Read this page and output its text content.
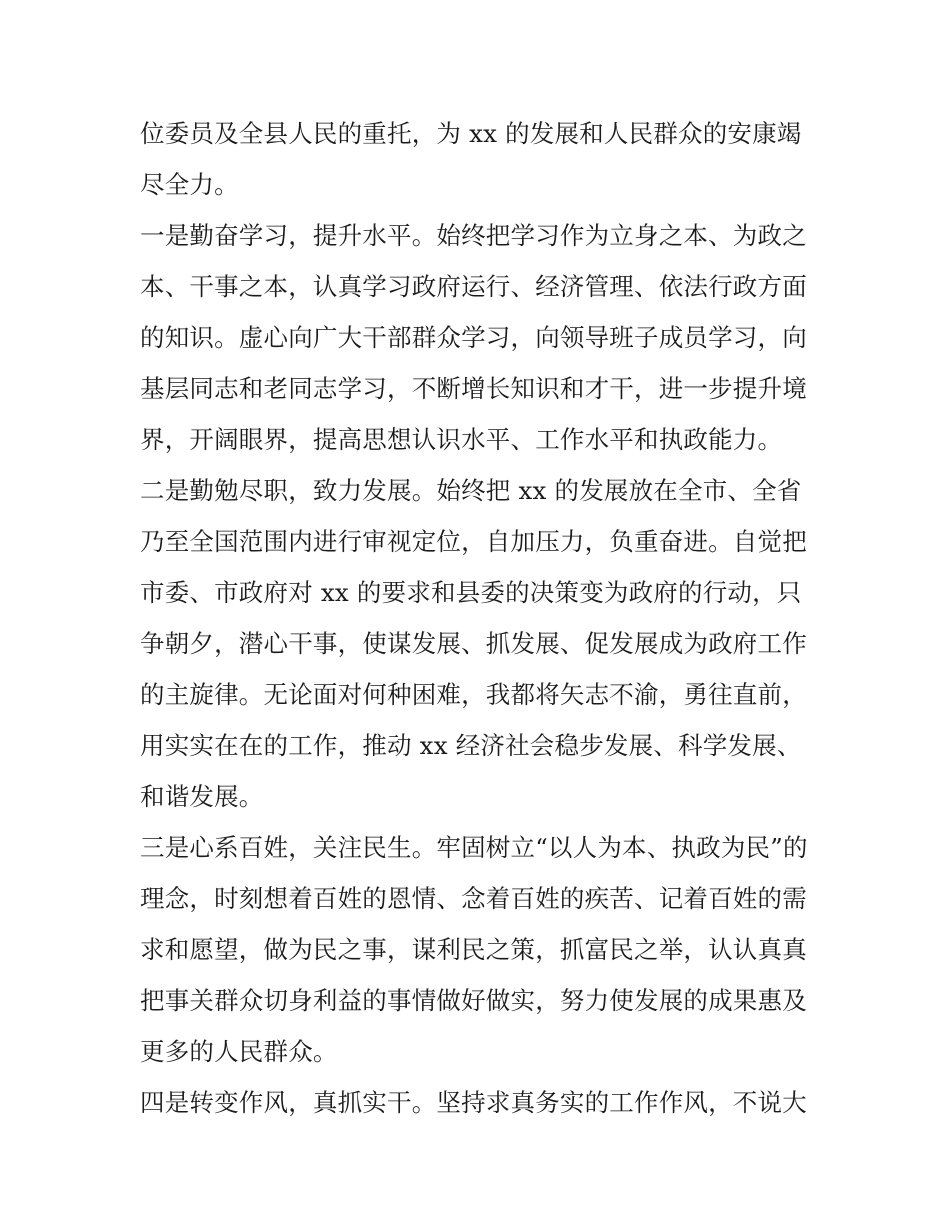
位委员及全县人民的重托，为 xx 的发展和人民群众的安康竭
尽全力。
一是勤奋学习，提升水平。始终把学习作为立身之本、为政之
本、干事之本，认真学习政府运行、经济管理、依法行政方面
的知识。虚心向广大干部群众学习，向领导班子成员学习，向
基层同志和老同志学习，不断增长知识和才干，进一步提升境
界，开阔眼界，提高思想认识水平、工作水平和执政能力。
二是勤勉尽职，致力发展。始终把 xx 的发展放在全市、全省
乃至全国范围内进行审视定位，自加压力，负重奋进。自觉把
市委、市政府对 xx 的要求和县委的决策变为政府的行动，只
争朝夕，潜心干事，使谋发展、抓发展、促发展成为政府工作
的主旋律。无论面对何种困难，我都将矢志不渝，勇往直前，
用实实在在的工作，推动 xx 经济社会稳步发展、科学发展、
和谐发展。
三是心系百姓，关注民生。牢固树立“以人为本、执政为民”的
理念，时刻想着百姓的恩情、念着百姓的疾苦、记着百姓的需
求和愿望，做为民之事，谋利民之策，抓富民之举，认认真真
把事关群众切身利益的事情做好做实，努力使发展的成果惠及
更多的人民群众。
四是转变作风，真抓实干。坚持求真务实的工作作风，不说大
